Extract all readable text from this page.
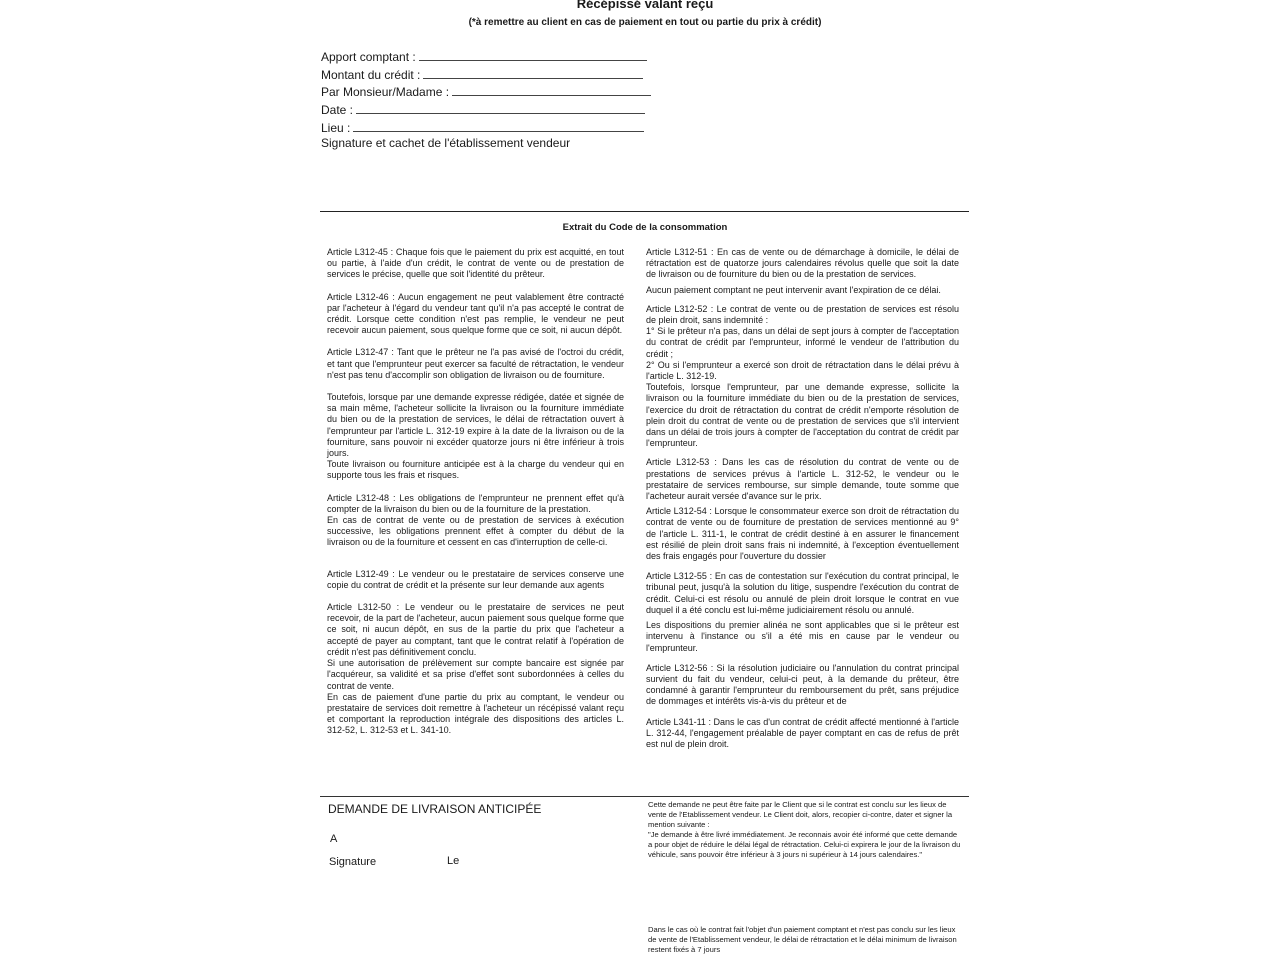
Récépissé valant reçu
(*à remettre au client en cas de paiement en tout ou partie du prix à crédit)
Apport comptant :
Montant du crédit :
Par Monsieur/Madame :
Date :
Lieu :
Signature et cachet de l'établissement vendeur
Extrait du Code de la consommation

Article L312-45 : Chaque fois que le paiement du prix est acquitté, en tout ou partie, à l'aide d'un crédit, le contrat de vente ou de prestation de services le précise, quelle que soit l'identité du prêteur.

Article L312-46 : Aucun engagement ne peut valablement être contracté par l'acheteur à l'égard du vendeur tant qu'il n'a pas accepté le contrat de crédit. Lorsque cette condition n'est pas remplie, le vendeur ne peut recevoir aucun paiement, sous quelque forme que ce soit, ni aucun dépôt.

Article L312-47 : Tant que le prêteur ne l'a pas avisé de l'octroi du crédit, et tant que l'emprunteur peut exercer sa faculté de rétractation, le vendeur n'est pas tenu d'accomplir son obligation de livraison ou de fourniture.

Toutefois, lorsque par une demande expresse rédigée, datée et signée de sa main même, l'acheteur sollicite la livraison ou la fourniture immédiate du bien ou de la prestation de services, le délai de rétractation ouvert à l'emprunteur par l'article L. 312-19 expire à la date de la livraison ou de la fourniture, sans pouvoir ni excéder quatorze jours ni être inférieur à trois jours.

Toute livraison ou fourniture anticipée est à la charge du vendeur qui en supporte tous les frais et risques.

Article L312-48 : Les obligations de l'emprunteur ne prennent effet qu'à compter de la livraison du bien ou de la fourniture de la prestation.

En cas de contrat de vente ou de prestation de services à exécution successive, les obligations prennent effet à compter du début de la livraison ou de la fourniture et cessent en cas d'interruption de celle-ci.

Article L312-49 : Le vendeur ou le prestataire de services conserve une copie du contrat de crédit et la présente sur leur demande aux agents

Article L312-50 : Le vendeur ou le prestataire de services ne peut recevoir, de la part de l'acheteur, aucun paiement sous quelque forme que ce soit, ni aucun dépôt, en sus de la partie du prix que l'acheteur a accepté de payer au comptant, tant que le contrat relatif à l'opération de crédit n'est pas définitivement conclu.

Si une autorisation de prélèvement sur compte bancaire est signée par l'acquéreur, sa validité et sa prise d'effet sont subordonnées à celles du contrat de vente.

En cas de paiement d'une partie du prix au comptant, le vendeur ou prestataire de services doit remettre à l'acheteur un récépissé valant reçu et comportant la reproduction intégrale des dispositions des articles L. 312-52, L. 312-53 et L. 341-10.

Article L312-51 : En cas de vente ou de démarchage à domicile, le délai de rétractation est de quatorze jours calendaires révolus quelle que soit la date de livraison ou de fourniture du bien ou de la prestation de services.

Aucun paiement comptant ne peut intervenir avant l'expiration de ce délai.

Article L312-52 : Le contrat de vente ou de prestation de services est résolu de plein droit, sans indemnité :

1° Si le prêteur n'a pas, dans un délai de sept jours à compter de l'acceptation du contrat de crédit par l'emprunteur, informé le vendeur de l'attribution du crédit ;

2° Ou si l'emprunteur a exercé son droit de rétractation dans le délai prévu à l'article L. 312-19.

Toutefois, lorsque l'emprunteur, par une demande expresse, sollicite la livraison ou la fourniture immédiate du bien ou de la prestation de services, l'exercice du droit de rétractation du contrat de crédit n'emporte résolution de plein droit du contrat de vente ou de prestation de services que s'il intervient dans un délai de trois jours à compter de l'acceptation du contrat de crédit par l'emprunteur.

Article L312-53 : Dans les cas de résolution du contrat de vente ou de prestations de services prévus à l'article L. 312-52, le vendeur ou le prestataire de services rembourse, sur simple demande, toute somme que l'acheteur aurait versée d'avance sur le prix.

Article L312-54 : Lorsque le consommateur exerce son droit de rétractation du contrat de vente ou de fourniture de prestation de services mentionné au 9° de l'article L. 311-1, le contrat de crédit destiné à en assurer le financement est résilié de plein droit sans frais ni indemnité, à l'exception éventuellement des frais engagés pour l'ouverture du dossier

Article L312-55 : En cas de contestation sur l'exécution du contrat principal, le tribunal peut, jusqu'à la solution du litige, suspendre l'exécution du contrat de crédit. Celui-ci est résolu ou annulé de plein droit lorsque le contrat en vue duquel il a été conclu est lui-même judiciairement résolu ou annulé.

Les dispositions du premier alinéa ne sont applicables que si le prêteur est intervenu à l'instance ou s'il a été mis en cause par le vendeur ou l'emprunteur.

Article L312-56 : Si la résolution judiciaire ou l'annulation du contrat principal survient du fait du vendeur, celui-ci peut, à la demande du prêteur, être condamné à garantir l'emprunteur du remboursement du prêt, sans préjudice de dommages et intérêts vis-à-vis du prêteur et de

Article L341-11 : Dans le cas d'un contrat de crédit affecté mentionné à l'article L. 312-44, l'engagement préalable de payer comptant en cas de refus de prêt est nul de plein droit.

DEMANDE DE LIVRAISON ANTICIPÉE
A
Signature	Le

Cette demande ne peut être faite par le Client que si le contrat est conclu sur les lieux de vente de l'Etablissement vendeur. Le Client doit, alors, recopier ci-contre, dater et signer la mention suivante :

"Je demande à être livré immédiatement. Je reconnais avoir été informé que cette demande a pour objet de réduire le délai légal de rétractation. Celui-ci expirera le jour de la livraison du véhicule, sans pouvoir être inférieur à 3 jours ni supérieur à 14 jours calendaires."

Dans le cas où le contrat fait l'objet d'un paiement comptant et n'est pas conclu sur les lieux de vente de l'Etablissement vendeur, le délai de rétractation et le délai minimum de livraison restent fixés à 7 jours
